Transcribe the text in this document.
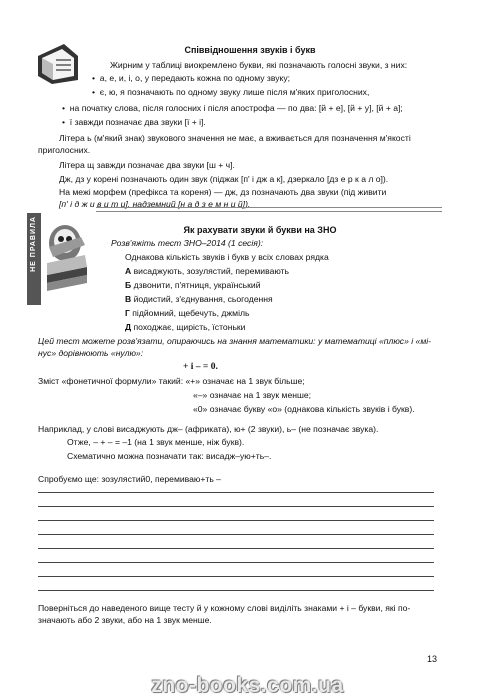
Співвідношення звуків і букв
Жирним у таблиці виокремлено букви, які позначають голосні звуки, з них:
•  а, е, и, і, о, у передають кожна по одному звуку;
•  є, ю, я позначають по одному звуку лише після м'яких приголосних,
•  на початку слова, після голосних і після апострофа — по два: [й + е], [й + у], [й + а];
•  ї завжди позначає два звуки [ї + і].
Літера ь (м'який знак) звукового значення не має, а вживається для позначення м'якості
приголосних.
Літера щ завжди позначає два звуки [ш + ч].
Дж, дз у корені позначають один звук (піджак [п' і дж а к], дзеркало [дз е р к а л о]).
На межі морфем (префікса та кореня) — дж, дз позначають два звуки (під живити
[п' і д ж и в и т и], надземний [н а д з е м н и й]).
НЕ ПРАВИЛА	Як рахувати звуки й букви на ЗНО
Розв'яжіть тест ЗНО–2014 (1 сесія):
Однакова кількість звуків і букв у всіх словах рядка
А висаджують, зозулястий, перемивають
Б дзвонити, п'ятниця, український
В йодистий, з'єднування, сьогодення
Г підйомний, щебечуть, джміль
Д походжає, щирість, їстоньки
Цей тест можете розв'язати, опираючись на знання математики: у математиці «плюс» і «мі-
нус» дорівнюють «нулю»:
+ і – = 0.
Зміст «фонетичної формули» такий: «+» означає на 1 звук більше;
«–» означає на 1 звук менше;
«0» означає букву «о» (однакова кількість звуків і букв).
Наприклад, у слові висаджують дж– (африката), ю+ (2 звуки), ь– (не позначає звука).
Отже, – + – = –1 (на 1 звук менше, ніж букв).
Схематично можна позначати так: висадж–ую+ть–.
Спробуємо ще: зозулястий0, перемиваю+ть –
Поверніться до наведеного вище тесту й у кожному слові виділіть знаками + і – букви, які по-
значають або 2 звуки, або на 1 звук менше.
13
zno-books.com.ua
